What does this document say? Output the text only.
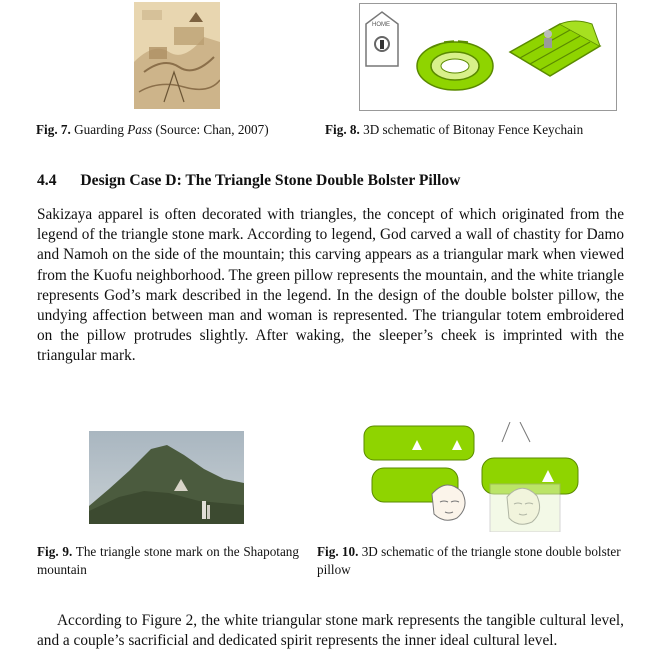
HOME
Fig. 7. Guarding Pass (Source: Chan, 2007)	Fig. 8. 3D schematic of Bitonay Fence Keychain
4.4 Design Case D: The Triangle Stone Double Bolster Pillow
Sakizaya apparel is often decorated with triangles, the concept of which originated from the legend of the triangle stone mark. According to legend, God carved a wall of chastity for Damo and Namoh on the side of the mountain; this carving appears as a triangular mark when viewed from the Kuofu neighborhood. The green pillow represents the mountain, and the white triangle represents God’s mark described in the legend. In the design of the double bolster pillow, the undying affection between man and woman is represented. The triangular totem embroidered on the pillow protrudes slightly. After waking, the sleeper’s cheek is imprinted with the triangular mark.
Fig. 9. The triangle stone mark on the Shapotang mountain
Fig. 10. 3D schematic of the triangle stone double bolster pillow
According to Figure 2, the white triangular stone mark represents the tangible cultural level, and a couple’s sacrificial and dedicated spirit represents the inner ideal cultural level.
